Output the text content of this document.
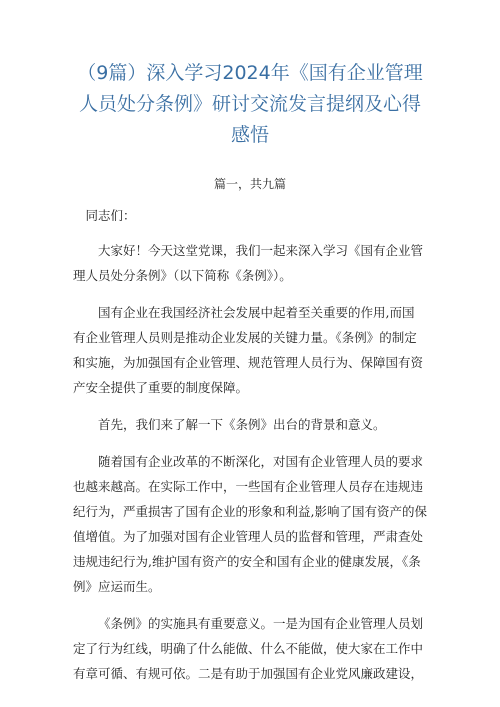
（9篇）深入学习2024年《国有企业管理
人员处分条例》研讨交流发言提纲及心得
感悟
篇一，共九篇

同志们：

大家好！今天这堂党课，我们一起来深入学习《国有企业管
理人员处分条例》（以下简称《条例》）。

国有企业在我国经济社会发展中起着至关重要的作用,而国
有企业管理人员则是推动企业发展的关键力量。《条例》的制定
和实施，为加强国有企业管理、规范管理人员行为、保障国有资
产安全提供了重要的制度保障。

首先，我们来了解一下《条例》出台的背景和意义。

随着国有企业改革的不断深化，对国有企业管理人员的要求
也越来越高。在实际工作中，一些国有企业管理人员存在违规违
纪行为，严重损害了国有企业的形象和利益,影响了国有资产的保
值增值。为了加强对国有企业管理人员的监督和管理，严肃查处
违规违纪行为,维护国有资产的安全和国有企业的健康发展，《条
例》应运而生。

《条例》的实施具有重要意义。一是为国有企业管理人员划
定了行为红线，明确了什么能做、什么不能做，使大家在工作中
有章可循、有规可依。二是有助于加强国有企业党风廉政建设，
